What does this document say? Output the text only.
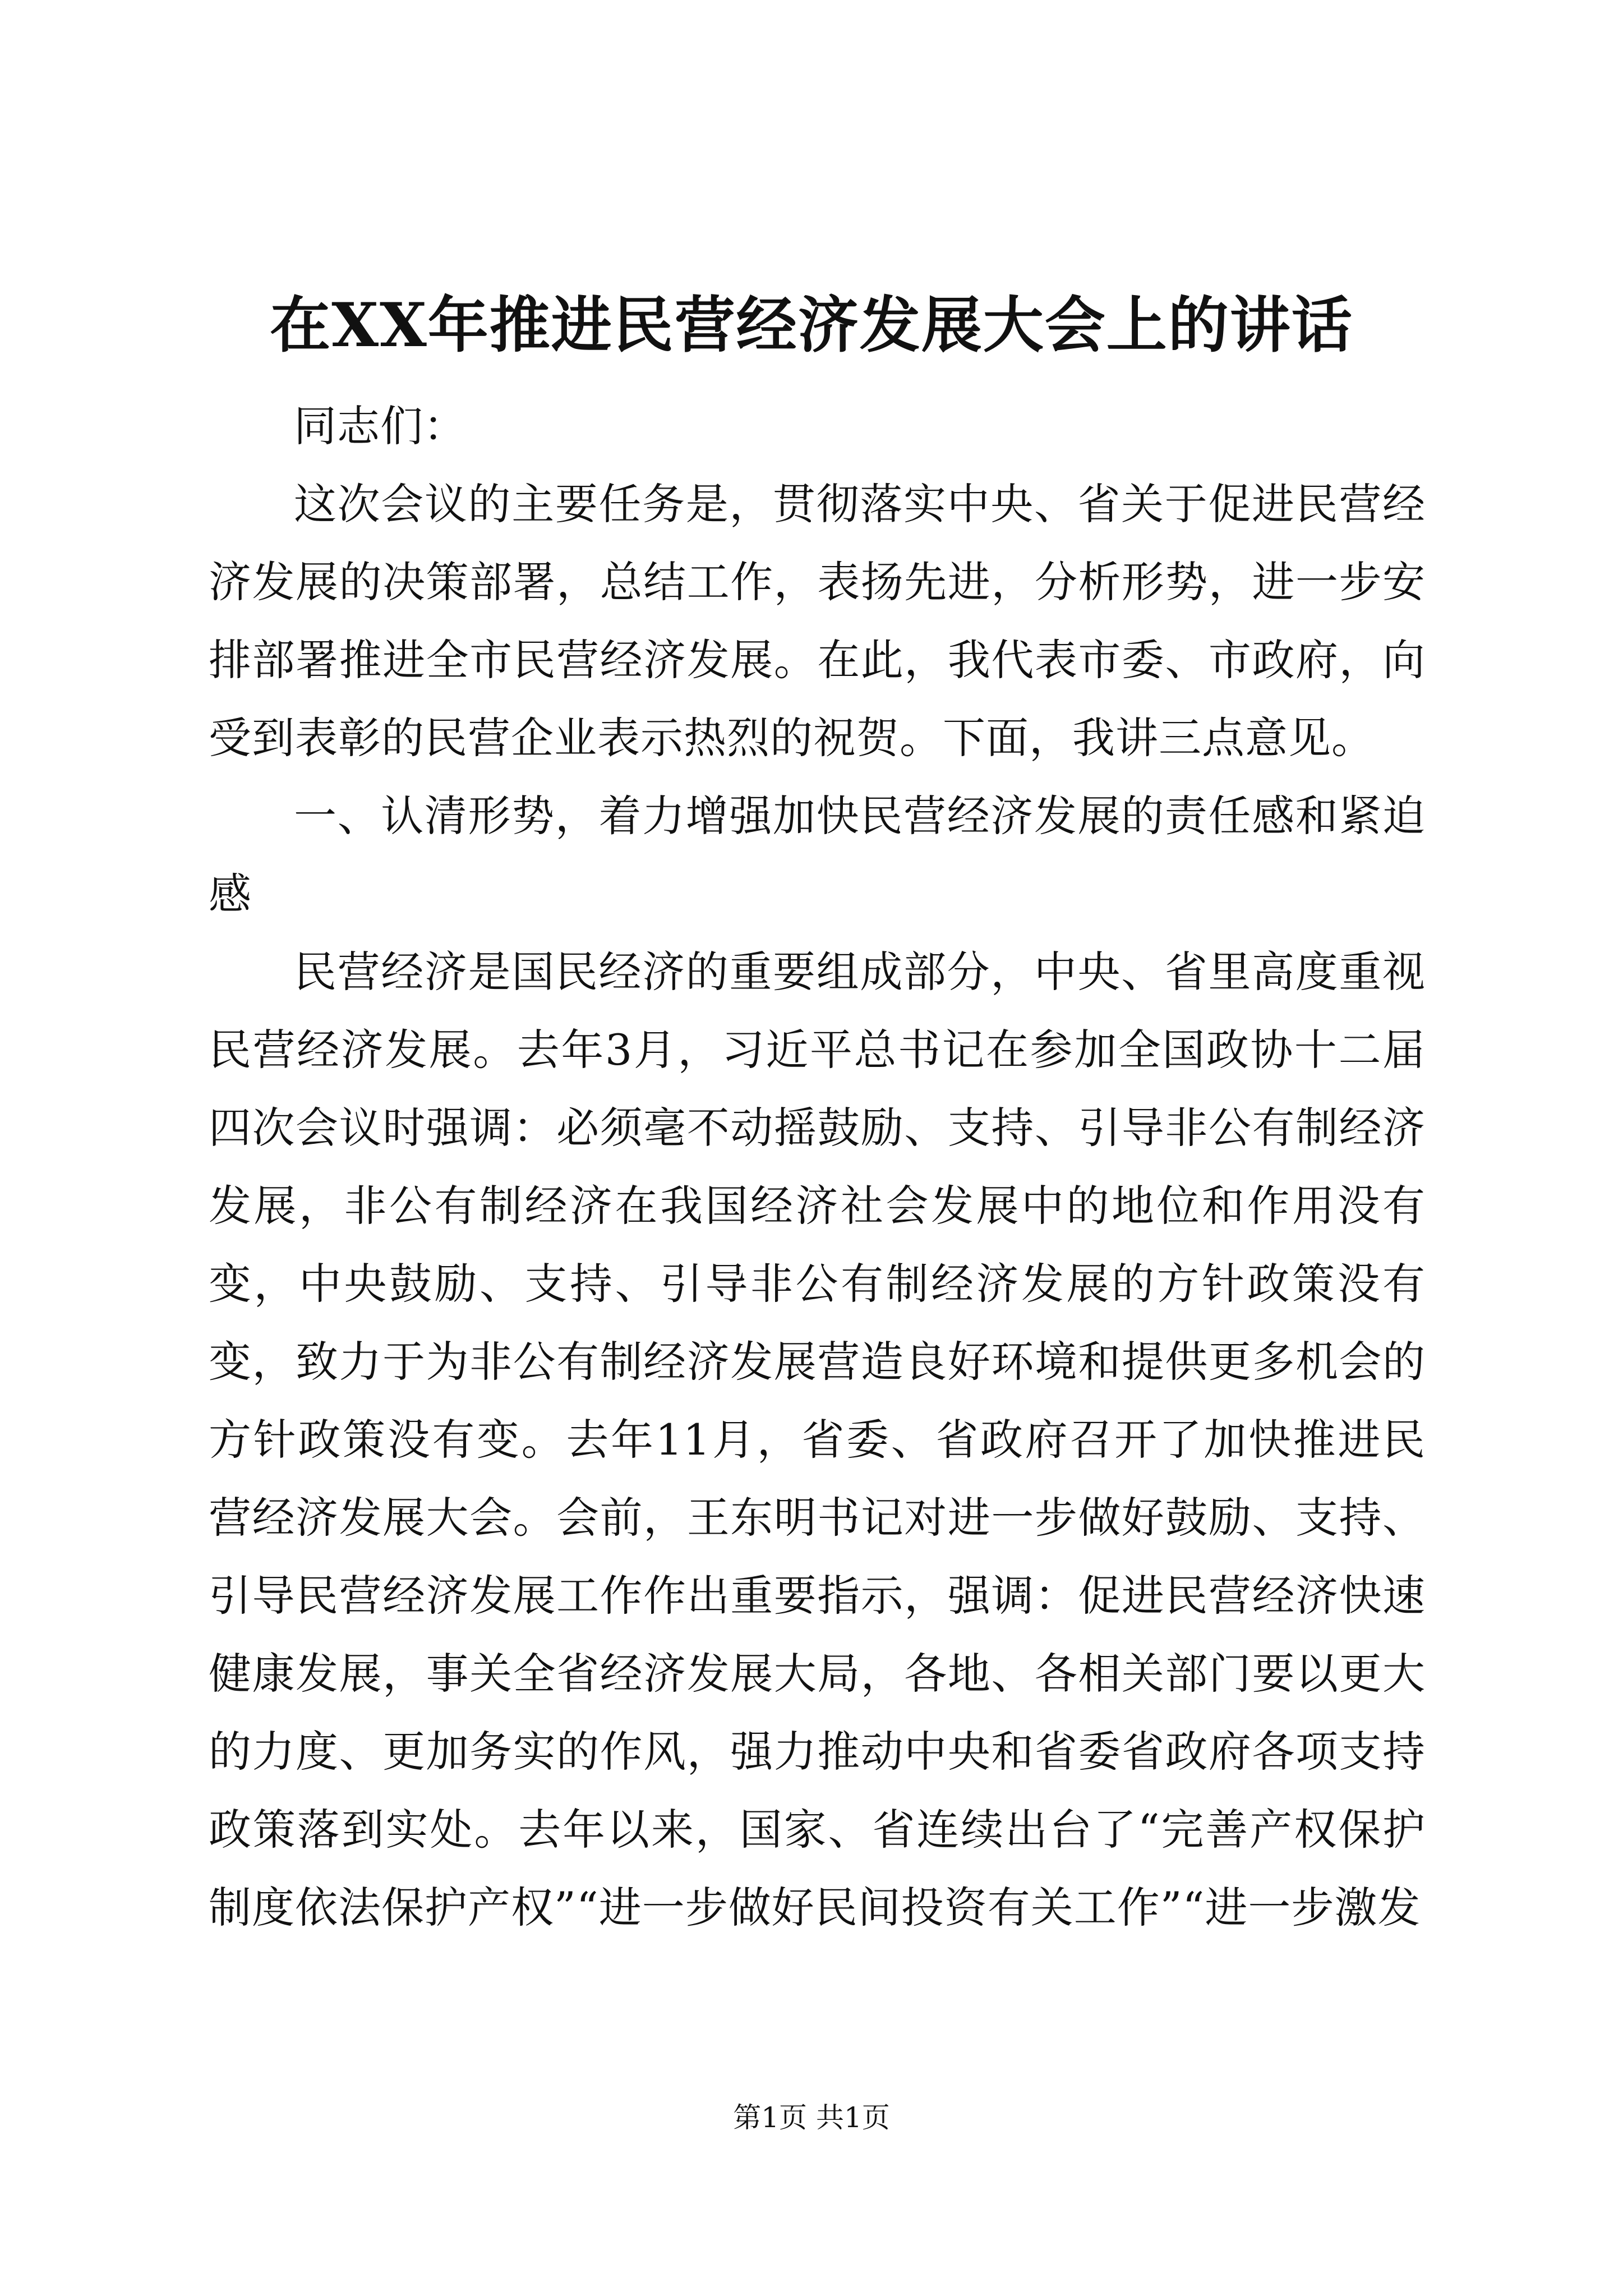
在XX年推进民营经济发展大会上的讲话

同志们：

这次会议的主要任务是，贯彻落实中央、省关于促进民营经济发展的决策部署，总结工作，表扬先进，分析形势，进一步安排部署推进全市民营经济发展。在此，我代表市委、市政府，向受到表彰的民营企业表示热烈的祝贺。下面，我讲三点意见。

一、认清形势，着力增强加快民营经济发展的责任感和紧迫感

民营经济是国民经济的重要组成部分，中央、省里高度重视民营经济发展。去年3月，习近平总书记在参加全国政协十二届四次会议时强调：必须毫不动摇鼓励、支持、引导非公有制经济发展，非公有制经济在我国经济社会发展中的地位和作用没有变，中央鼓励、支持、引导非公有制经济发展的方针政策没有变，致力于为非公有制经济发展营造良好环境和提供更多机会的方针政策没有变。去年11月，省委、省政府召开了加快推进民营经济发展大会。会前，王东明书记对进一步做好鼓励、支持、引导民营经济发展工作作出重要指示，强调：促进民营经济快速健康发展，事关全省经济发展大局，各地、各相关部门要以更大的力度、更加务实的作风，强力推动中央和省委省政府各项支持政策落到实处。去年以来，国家、省连续出台了“完善产权保护制度依法保护产权”“进一步做好民间投资有关工作”“进一步激发

第1页 共1页
